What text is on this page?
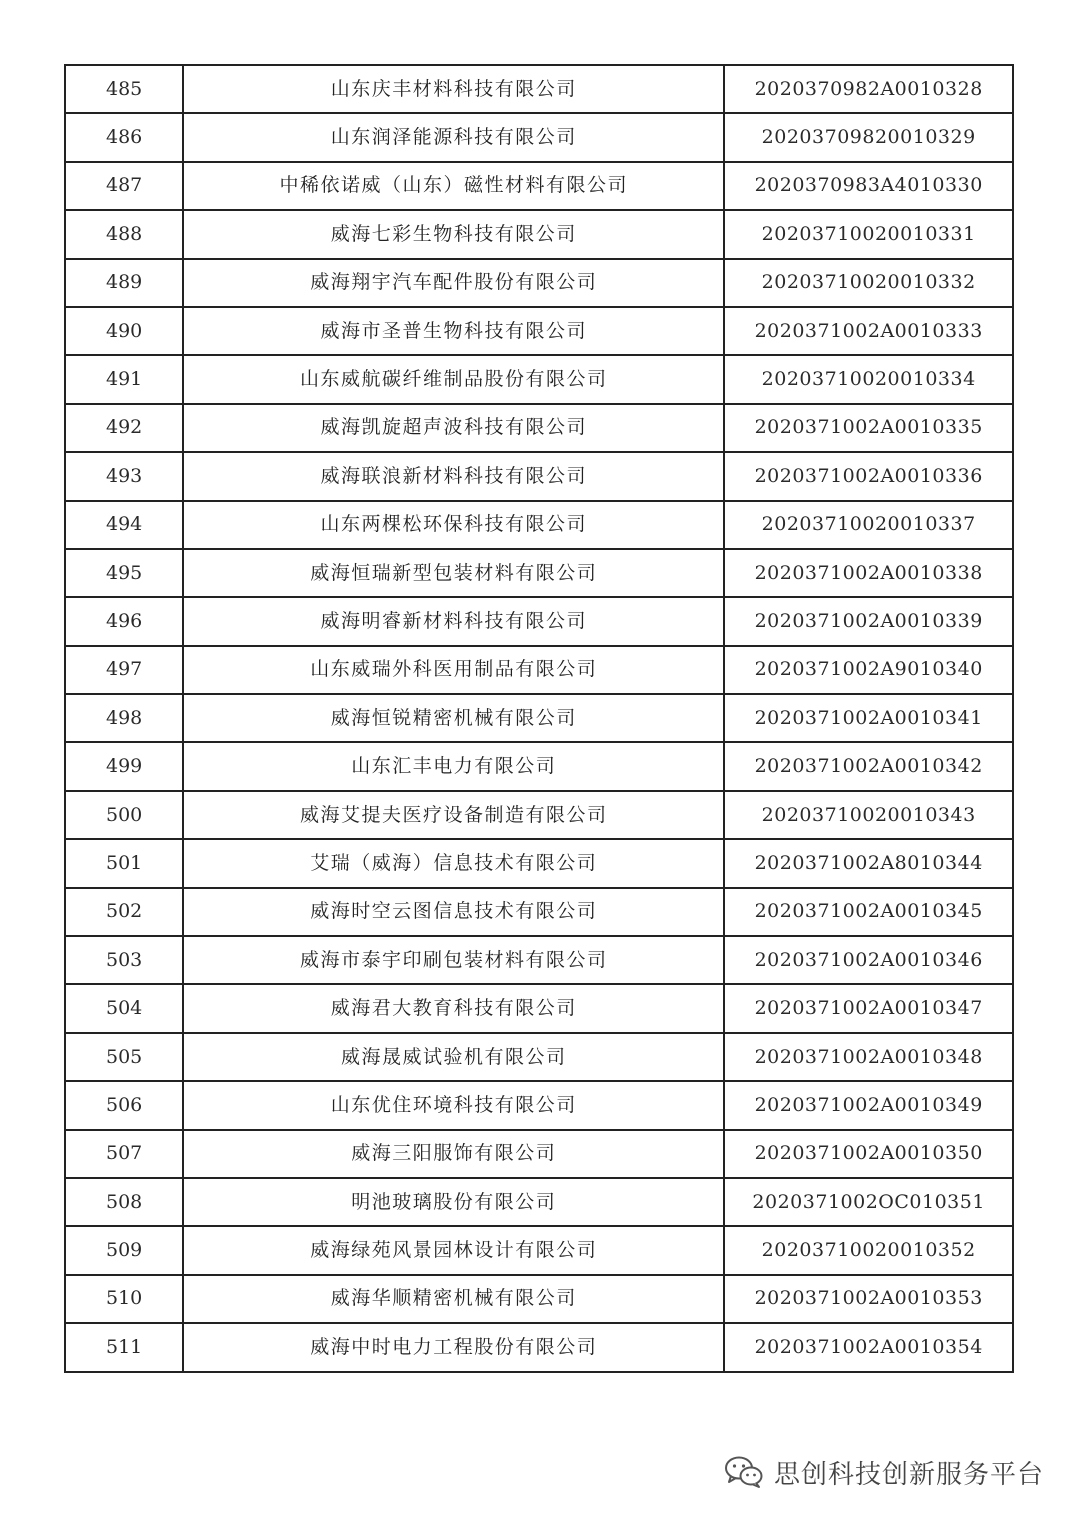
485	山东庆丰材料科技有限公司	2020370982A0010328
486	山东润泽能源科技有限公司	20203709820010329
487	中稀依诺威（山东）磁性材料有限公司	2020370983A4010330
488	威海七彩生物科技有限公司	20203710020010331
489	威海翔宇汽车配件股份有限公司	20203710020010332
490	威海市圣普生物科技有限公司	2020371002A0010333
491	山东威航碳纤维制品股份有限公司	20203710020010334
492	威海凯旋超声波科技有限公司	2020371002A0010335
493	威海联浪新材料科技有限公司	2020371002A0010336
494	山东两棵松环保科技有限公司	20203710020010337
495	威海恒瑞新型包装材料有限公司	2020371002A0010338
496	威海明睿新材料科技有限公司	2020371002A0010339
497	山东威瑞外科医用制品有限公司	2020371002A9010340
498	威海恒锐精密机械有限公司	2020371002A0010341
499	山东汇丰电力有限公司	2020371002A0010342
500	威海艾提夫医疗设备制造有限公司	20203710020010343
501	艾瑞（威海）信息技术有限公司	2020371002A8010344
502	威海时空云图信息技术有限公司	2020371002A0010345
503	威海市泰宇印刷包装材料有限公司	2020371002A0010346
504	威海君大教育科技有限公司	2020371002A0010347
505	威海晟威试验机有限公司	2020371002A0010348
506	山东优住环境科技有限公司	2020371002A0010349
507	威海三阳服饰有限公司	2020371002A0010350
508	明池玻璃股份有限公司	2020371002OC010351
509	威海绿苑风景园林设计有限公司	20203710020010352
510	威海华顺精密机械有限公司	2020371002A0010353
511	威海中时电力工程股份有限公司	2020371002A0010354
思创科技创新服务平台
